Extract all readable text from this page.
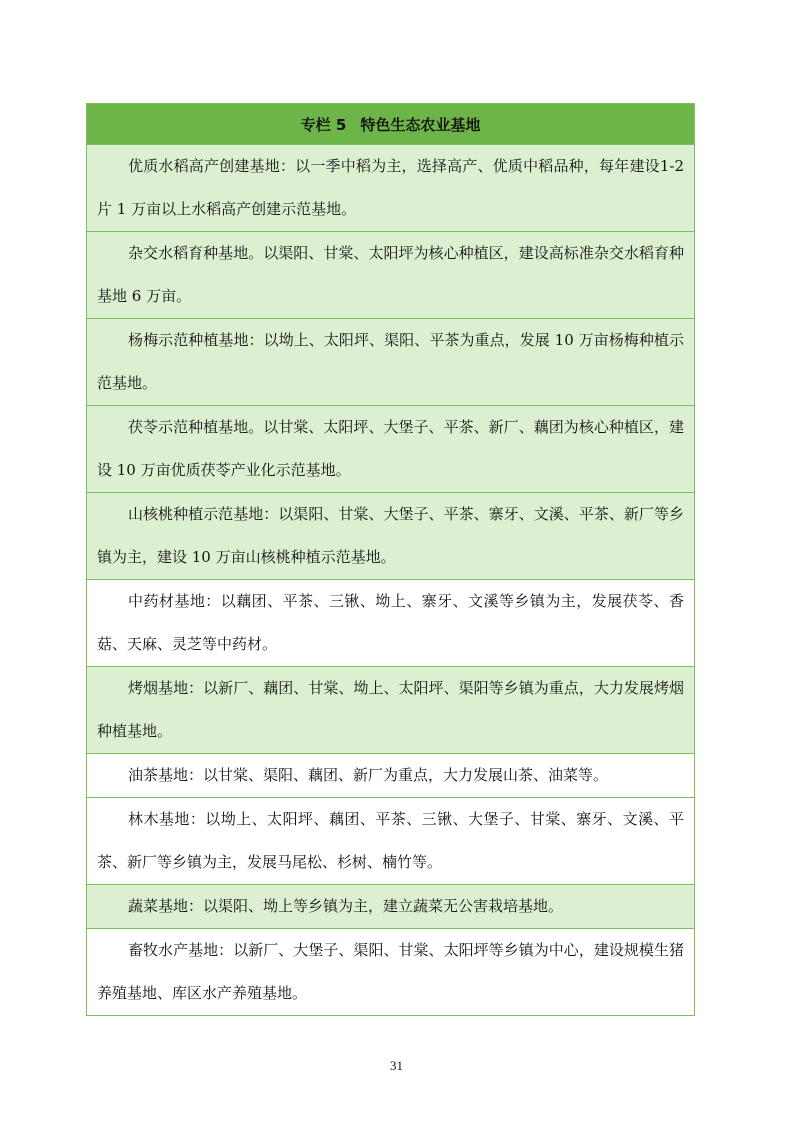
专栏 5 特色生态农业基地
优质水稻高产创建基地：以一季中稻为主，选择高产、优质中稻品种，每年建设1-2 片 1 万亩以上水稻高产创建示范基地。
杂交水稻育种基地。以渠阳、甘棠、太阳坪为核心种植区，建设高标准杂交水稻育种基地 6 万亩。
杨梅示范种植基地：以坳上、太阳坪、渠阳、平茶为重点，发展 10 万亩杨梅种植示范基地。
茯苓示范种植基地。以甘棠、太阳坪、大堡子、平茶、新厂、藕团为核心种植区，建设 10 万亩优质茯苓产业化示范基地。
山核桃种植示范基地：以渠阳、甘棠、大堡子、平茶、寨牙、文溪、平茶、新厂等乡镇为主，建设 10 万亩山核桃种植示范基地。
中药材基地：以藕团、平茶、三锹、坳上、寨牙、文溪等乡镇为主，发展茯苓、香菇、天麻、灵芝等中药材。
烤烟基地：以新厂、藕团、甘棠、坳上、太阳坪、渠阳等乡镇为重点，大力发展烤烟种植基地。
油茶基地：以甘棠、渠阳、藕团、新厂为重点，大力发展山茶、油菜等。
林木基地：以坳上、太阳坪、藕团、平茶、三锹、大堡子、甘棠、寨牙、文溪、平茶、新厂等乡镇为主，发展马尾松、杉树、楠竹等。
蔬菜基地：以渠阳、坳上等乡镇为主，建立蔬菜无公害栽培基地。
畜牧水产基地：以新厂、大堡子、渠阳、甘棠、太阳坪等乡镇为中心，建设规模生猪养殖基地、库区水产养殖基地。
31
